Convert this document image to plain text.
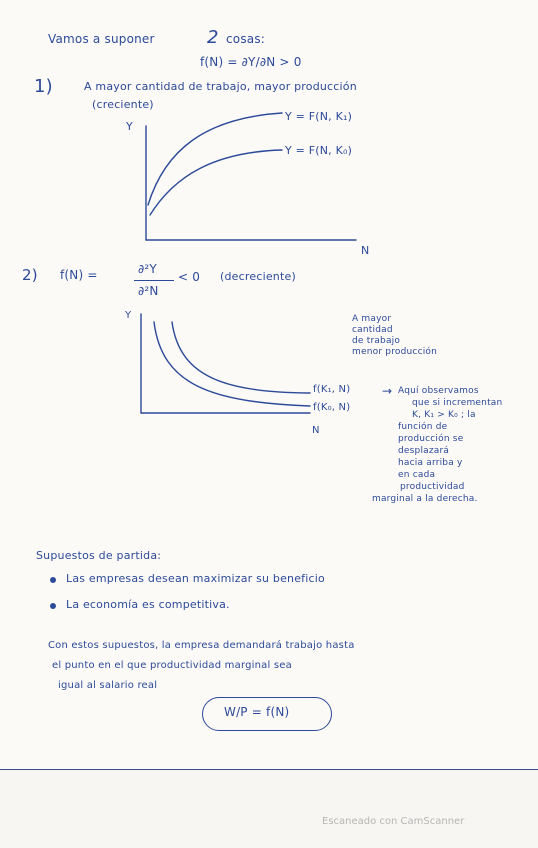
Vamos a suponer	2 cosas:
f(N) = ∂Y/∂N > 0
1)	A mayor cantidad de trabajo, mayor producción
(creciente)
Y
N
Y = F(N, K₁)
Y = F(N, K₀)
2) f(N) =	∂²Y
∂²N
< 0 (decreciente)
Y
N
A mayor
cantidad
de trabajo
menor producción
f(K₁, N)
f(K₀, N)
→ Aquí observamos
que si incrementan
K, K₁ > K₀ ; la
función de
producción se
desplazará
hacia arriba y
en cada
productividad
marginal a la derecha.
Supuestos de partida:
Las empresas desean maximizar su beneficio
La economía es competitiva.
Con estos supuestos, la empresa demandará trabajo hasta
el punto en el que productividad marginal sea
igual al salario real
W/P = f(N)
Escaneado con CamScanner
